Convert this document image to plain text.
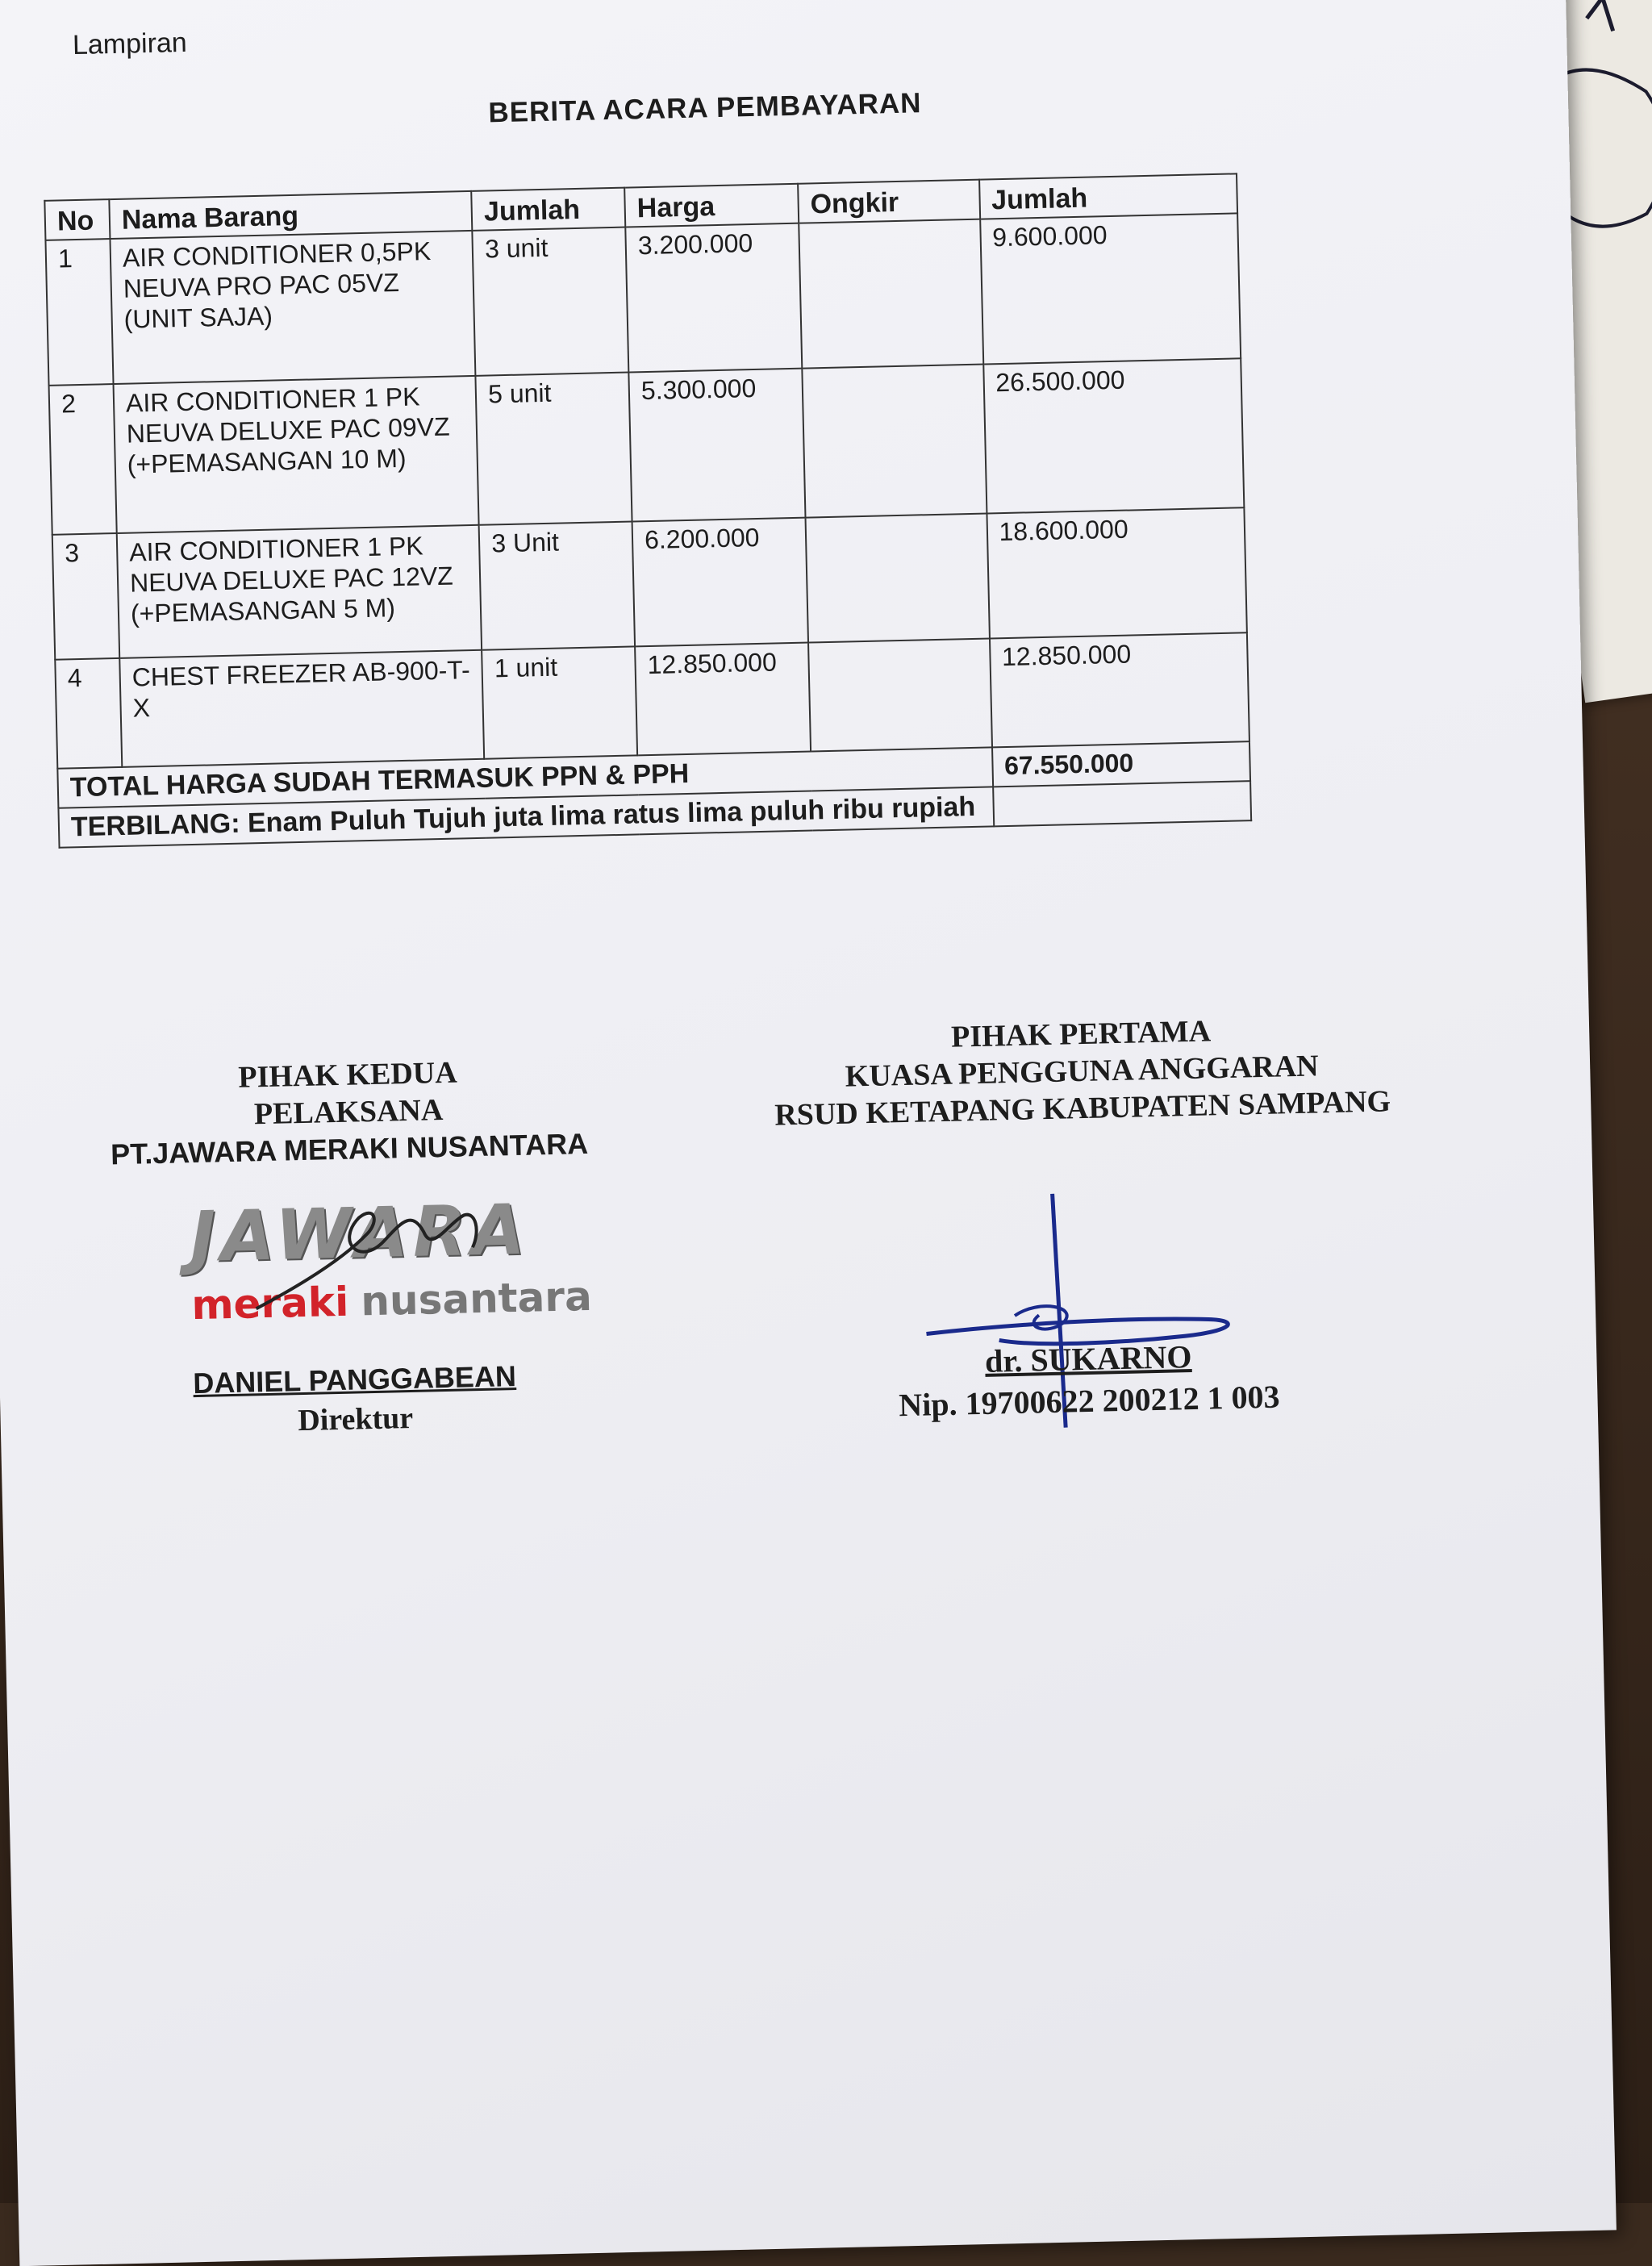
Lampiran
BERITA ACARA PEMBAYARAN
No	Nama Barang	Jumlah	Harga	Ongkir	Jumlah
1	AIR CONDITIONER 0,5PK NEUVA PRO PAC 05VZ (UNIT SAJA)	3 unit	3.200.000		9.600.000
2	AIR CONDITIONER 1 PK NEUVA DELUXE PAC 09VZ (+PEMASANGAN 10 M)	5 unit	5.300.000		26.500.000
3	AIR CONDITIONER 1 PK NEUVA DELUXE PAC 12VZ (+PEMASANGAN 5 M)	3 Unit	6.200.000		18.600.000
4	CHEST FREEZER AB-900-T-X	1 unit	12.850.000		12.850.000
TOTAL HARGA SUDAH TERMASUK PPN & PPH					67.550.000
TERBILANG: Enam Puluh Tujuh juta lima ratus lima puluh ribu rupiah					
PIHAK KEDUA
PELAKSANA
PT.JAWARA MERAKI NUSANTARA
JAWARA
meraki nusantara
DANIEL PANGGABEAN
Direktur
PIHAK PERTAMA
KUASA PENGGUNA ANGGARAN
RSUD KETAPANG KABUPATEN SAMPANG
dr. SUKARNO
Nip. 19700622 200212 1 003
